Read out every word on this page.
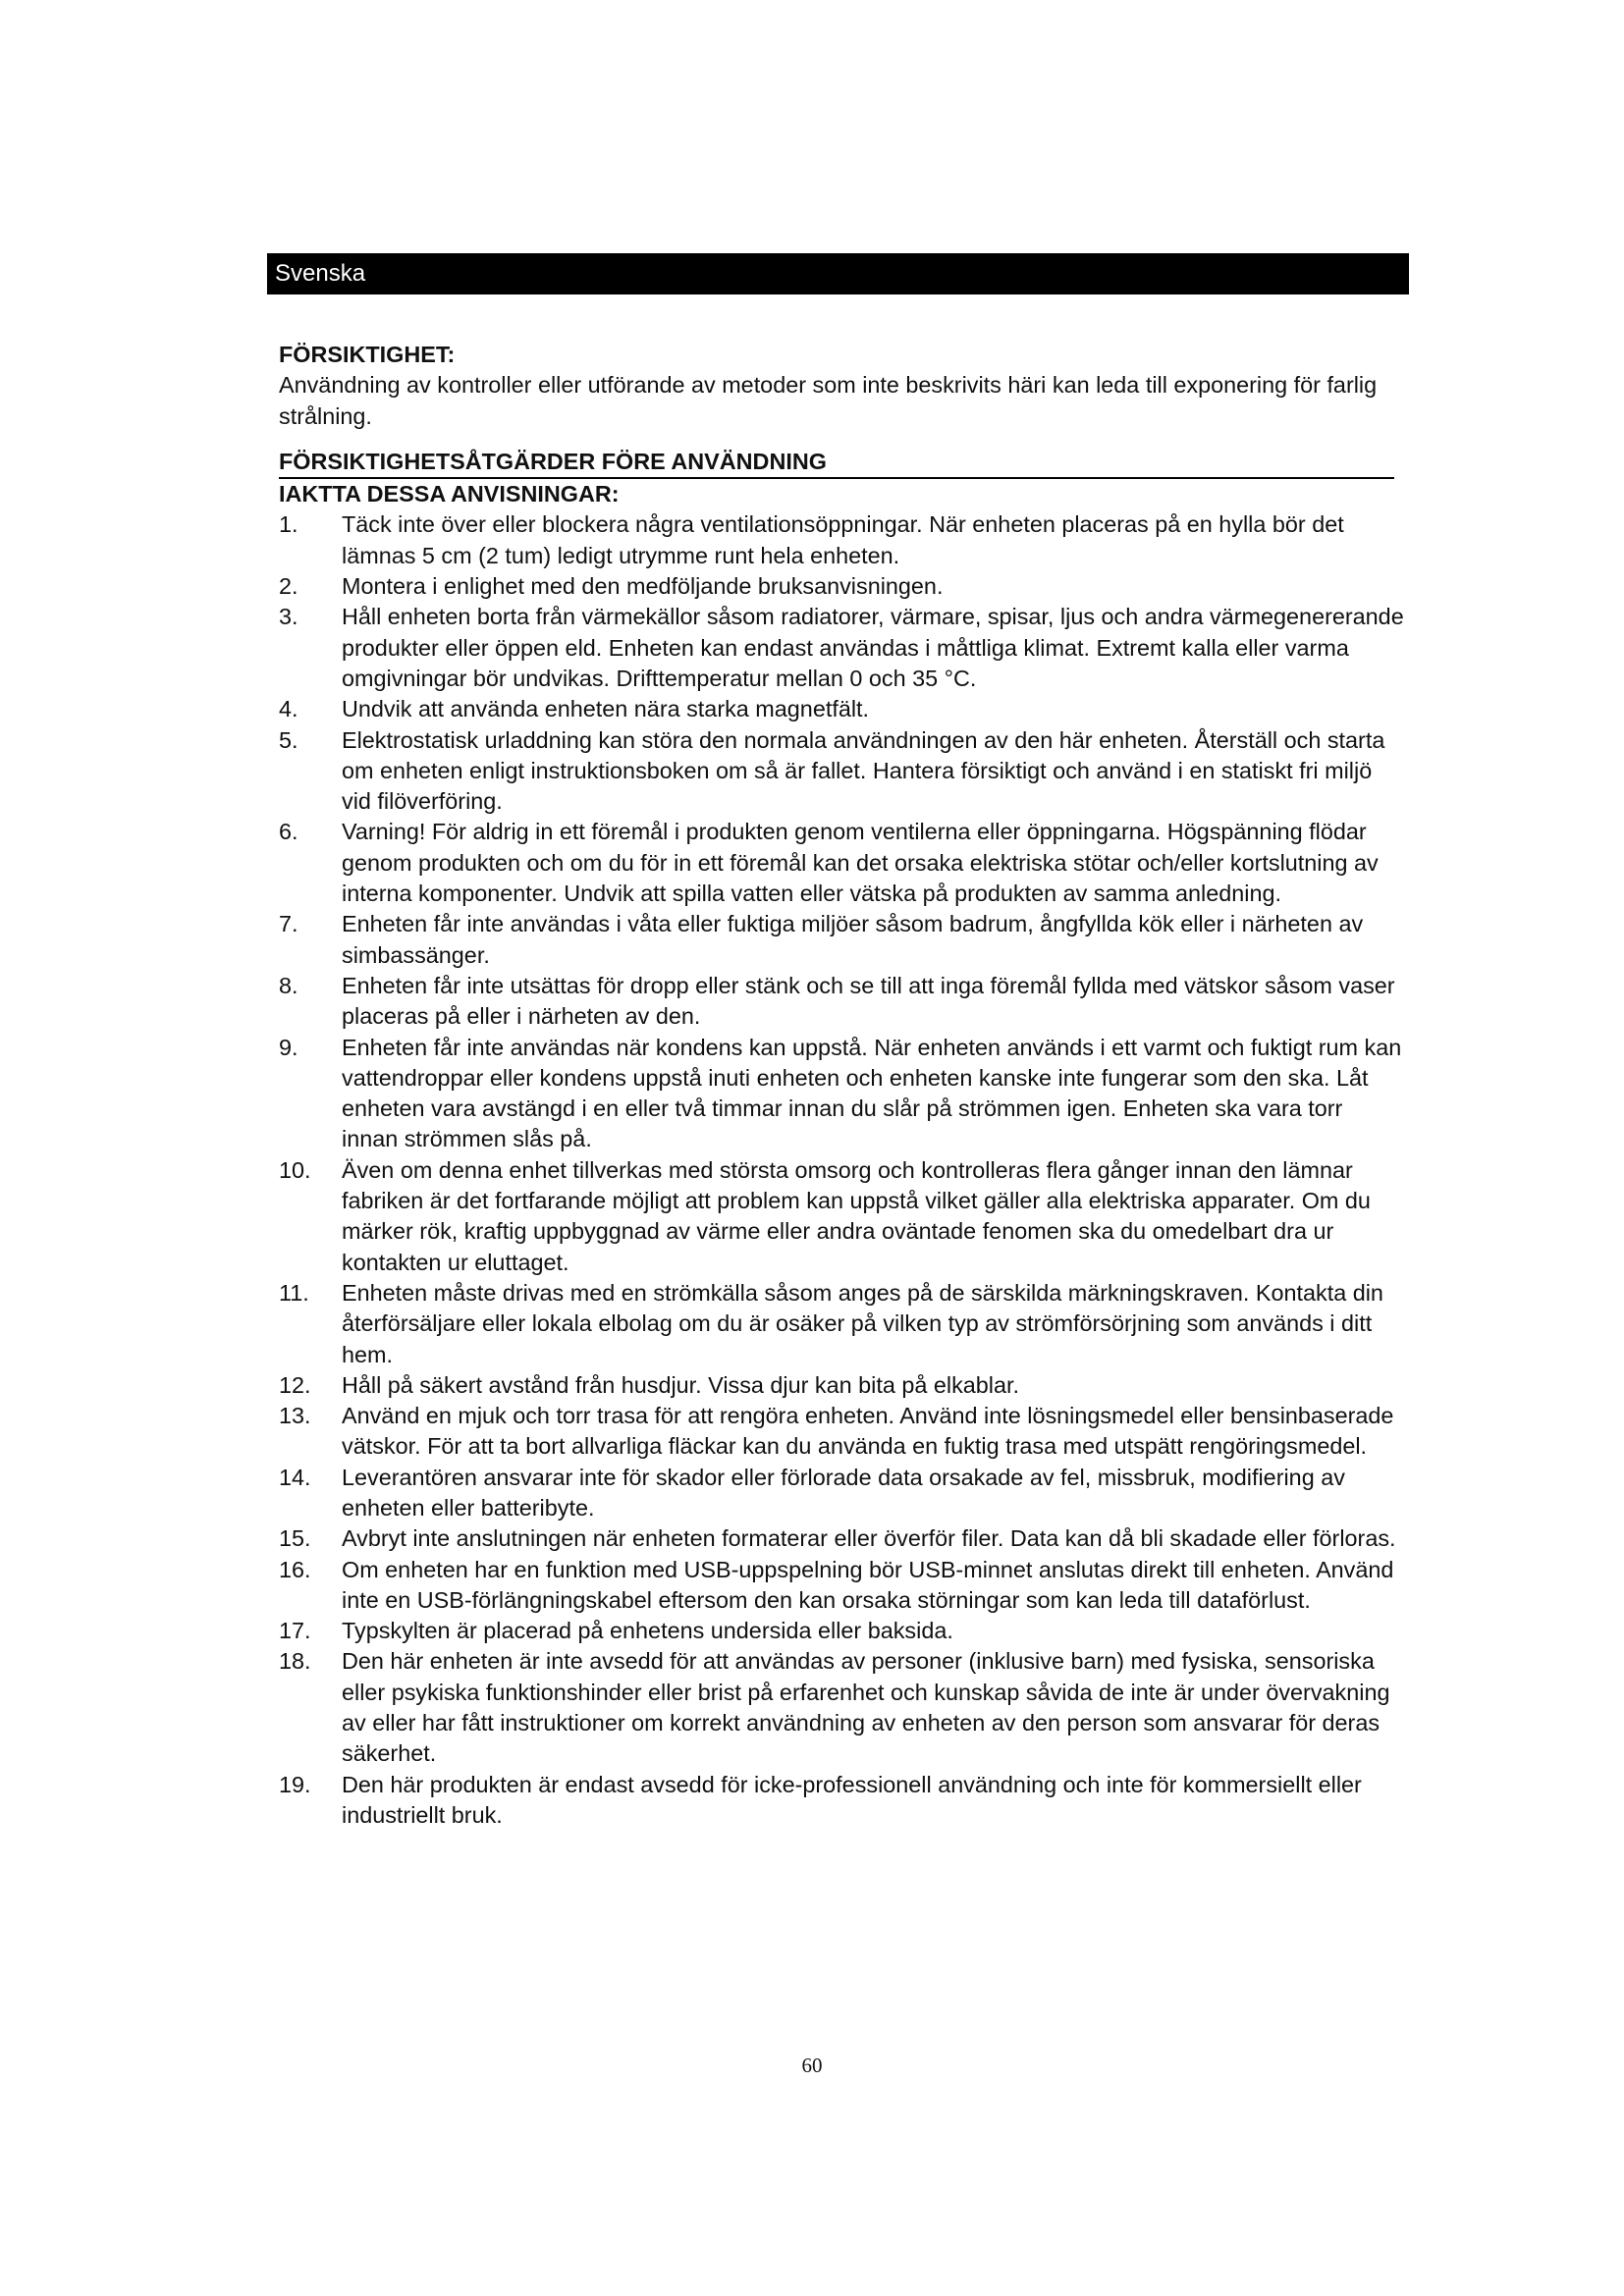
Svenska
FÖRSIKTIGHET:

Användning av kontroller eller utförande av metoder som inte beskrivits häri kan leda till exponering för farlig strålning.

FÖRSIKTIGHETSÅTGÄRDER FÖRE ANVÄNDNING
IAKTTA DESSA ANVISNINGAR:
1.	Täck inte över eller blockera några ventilationsöppningar. När enheten placeras på en hylla bör det lämnas 5 cm (2 tum) ledigt utrymme runt hela enheten.
2.	Montera i enlighet med den medföljande bruksanvisningen.
3.	Håll enheten borta från värmekällor såsom radiatorer, värmare, spisar, ljus och andra värmegenererande produkter eller öppen eld. Enheten kan endast användas i måttliga klimat. Extremt kalla eller varma omgivningar bör undvikas. Drifttemperatur mellan 0 och 35 °C.
4.	Undvik att använda enheten nära starka magnetfält.
5.	Elektrostatisk urladdning kan störa den normala användningen av den här enheten. Återställ och starta om enheten enligt instruktionsboken om så är fallet. Hantera försiktigt och använd i en statiskt fri miljö vid filöverföring.
6.	Varning! För aldrig in ett föremål i produkten genom ventilerna eller öppningarna. Högspänning flödar genom produkten och om du för in ett föremål kan det orsaka elektriska stötar och/eller kortslutning av interna komponenter. Undvik att spilla vatten eller vätska på produkten av samma anledning.
7.	Enheten får inte användas i våta eller fuktiga miljöer såsom badrum, ångfyllda kök eller i närheten av simbassänger.
8.	Enheten får inte utsättas för dropp eller stänk och se till att inga föremål fyllda med vätskor såsom vaser placeras på eller i närheten av den.
9.	Enheten får inte användas när kondens kan uppstå. När enheten används i ett varmt och fuktigt rum kan vattendroppar eller kondens uppstå inuti enheten och enheten kanske inte fungerar som den ska. Låt enheten vara avstängd i en eller två timmar innan du slår på strömmen igen. Enheten ska vara torr innan strömmen slås på.
10.	Även om denna enhet tillverkas med största omsorg och kontrolleras flera gånger innan den lämnar fabriken är det fortfarande möjligt att problem kan uppstå vilket gäller alla elektriska apparater. Om du märker rök, kraftig uppbyggnad av värme eller andra oväntade fenomen ska du omedelbart dra ur kontakten ur eluttaget.
11.	Enheten måste drivas med en strömkälla såsom anges på de särskilda märkningskraven. Kontakta din återförsäljare eller lokala elbolag om du är osäker på vilken typ av strömförsörjning som används i ditt hem.
12.	Håll på säkert avstånd från husdjur. Vissa djur kan bita på elkablar.
13.	Använd en mjuk och torr trasa för att rengöra enheten. Använd inte lösningsmedel eller bensinbaserade vätskor. För att ta bort allvarliga fläckar kan du använda en fuktig trasa med utspätt rengöringsmedel.
14.	Leverantören ansvarar inte för skador eller förlorade data orsakade av fel, missbruk, modifiering av enheten eller batteribyte.
15.	Avbryt inte anslutningen när enheten formaterar eller överför filer. Data kan då bli skadade eller förloras.
16.	Om enheten har en funktion med USB-uppspelning bör USB-minnet anslutas direkt till enheten. Använd inte en USB-förlängningskabel eftersom den kan orsaka störningar som kan leda till dataförlust.
17.	Typskylten är placerad på enhetens undersida eller baksida.
18.	Den här enheten är inte avsedd för att användas av personer (inklusive barn) med fysiska, sensoriska eller psykiska funktionshinder eller brist på erfarenhet och kunskap såvida de inte är under övervakning av eller har fått instruktioner om korrekt användning av enheten av den person som ansvarar för deras säkerhet.
19.	Den här produkten är endast avsedd för icke-professionell användning och inte för kommersiellt eller industriellt bruk.
60
